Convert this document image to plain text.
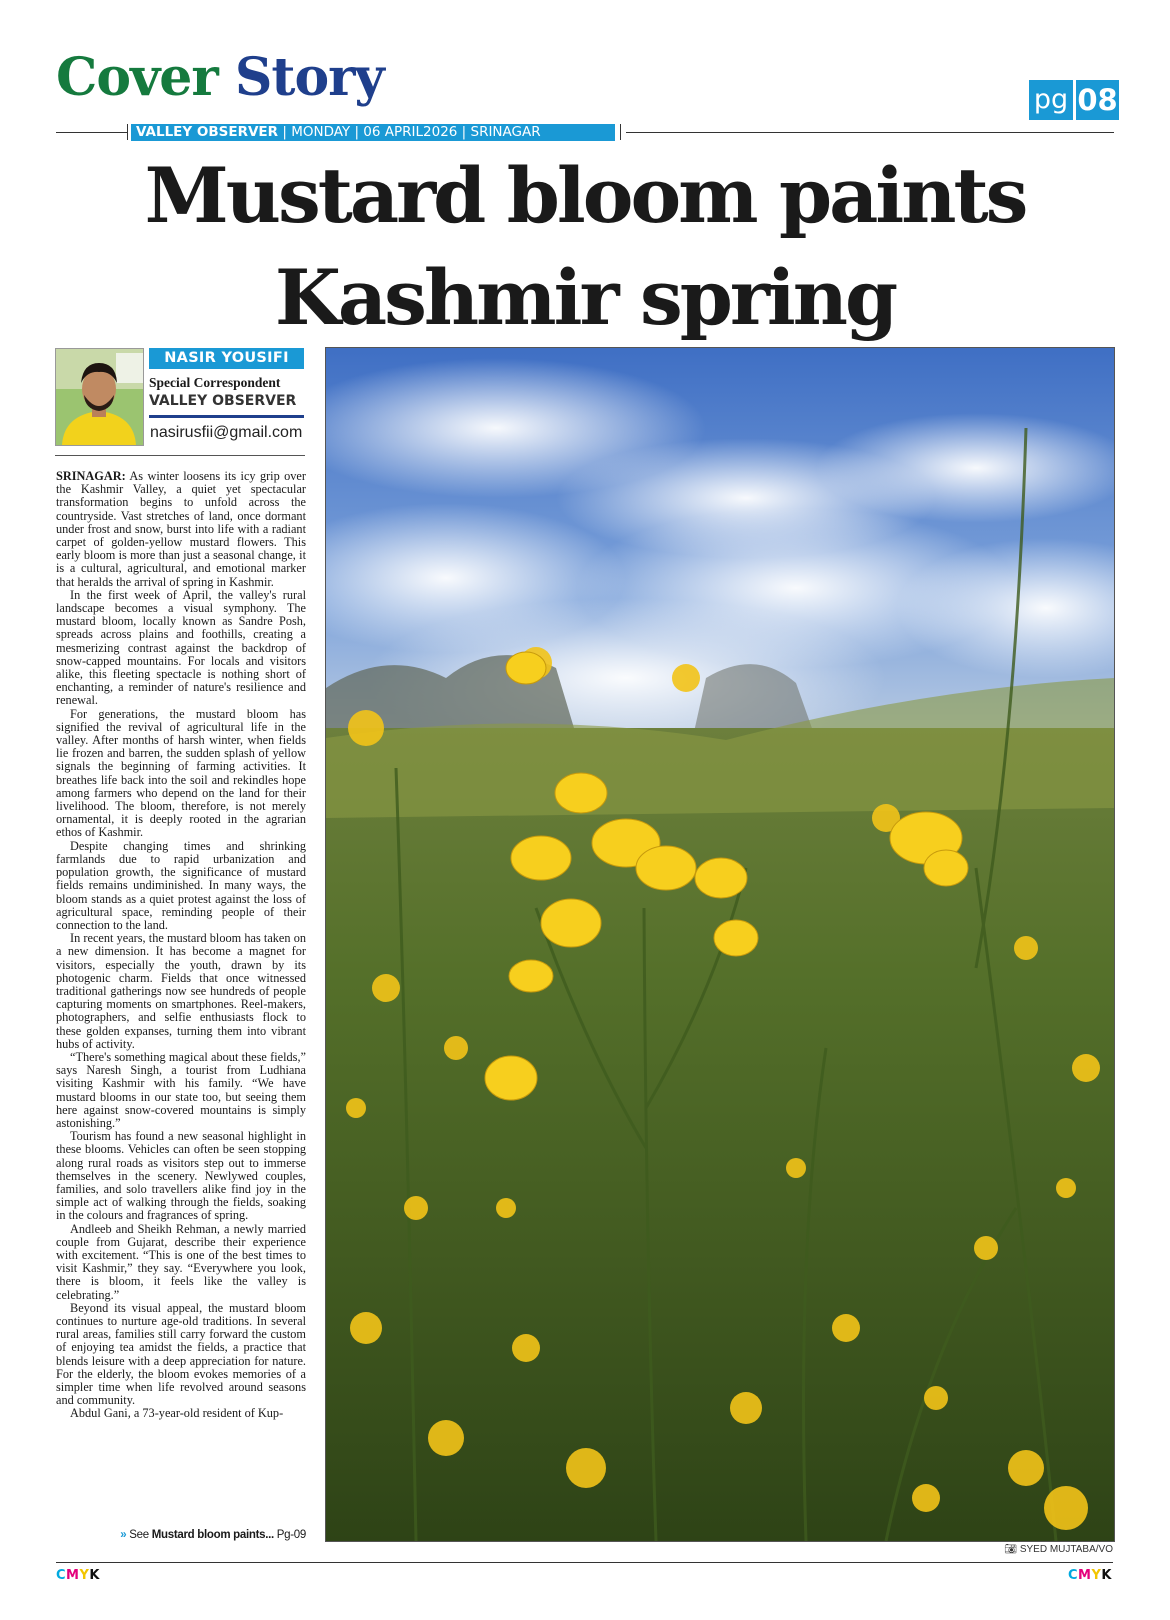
Cover Story	pg 08
VALLEY OBSERVER | MONDAY | 06 APRIL2026 | SRINAGAR
Mustard bloom paints
Kashmir spring
NASIR YOUSIFI
Special Correspondent
VALLEY OBSERVER
nasirusfii@gmail.com

SRINAGAR: As winter loosens its icy grip over the Kashmir Valley, a quiet yet spectacular transformation begins to unfold across the countryside. Vast stretches of land, once dormant under frost and snow, burst into life with a radiant carpet of golden-yellow mustard flowers. This early bloom is more than just a seasonal change, it is a cultural, agricultural, and emotional marker that heralds the arrival of spring in Kashmir.

In the first week of April, the valley's rural landscape becomes a visual symphony. The mustard bloom, locally known as Sandre Posh, spreads across plains and foothills, creating a mesmerizing contrast against the backdrop of snow-capped mountains. For locals and visitors alike, this fleeting spectacle is nothing short of enchanting, a reminder of nature's resilience and renewal.

For generations, the mustard bloom has signified the revival of agricultural life in the valley. After months of harsh winter, when fields lie frozen and barren, the sudden splash of yellow signals the beginning of farming activities. It breathes life back into the soil and rekindles hope among farmers who depend on the land for their livelihood. The bloom, therefore, is not merely ornamental, it is deeply rooted in the agrarian ethos of Kashmir.

Despite changing times and shrinking farmlands due to rapid urbanization and population growth, the significance of mustard fields remains undiminished. In many ways, the bloom stands as a quiet protest against the loss of agricultural space, reminding people of their connection to the land.

In recent years, the mustard bloom has taken on a new dimension. It has become a magnet for visitors, especially the youth, drawn by its photogenic charm. Fields that once witnessed traditional gatherings now see hundreds of people capturing moments on smartphones. Reel-makers, photographers, and selfie enthusiasts flock to these golden expanses, turning them into vibrant hubs of activity.

“There's something magical about these fields,” says Naresh Singh, a tourist from Ludhiana visiting Kashmir with his family. “We have mustard blooms in our state too, but seeing them here against snow-covered mountains is simply astonishing.”

Tourism has found a new seasonal highlight in these blooms. Vehicles can often be seen stopping along rural roads as visitors step out to immerse themselves in the scenery. Newlywed couples, families, and solo travellers alike find joy in the simple act of walking through the fields, soaking in the colours and fragrances of spring.

Andleeb and Sheikh Rehman, a newly married couple from Gujarat, describe their experience with excitement. “This is one of the best times to visit Kashmir,” they say. “Everywhere you look, there is bloom, it feels like the valley is celebrating.”

Beyond its visual appeal, the mustard bloom continues to nurture age-old traditions. In several rural areas, families still carry forward the custom of enjoying tea amidst the fields, a practice that blends leisure with a deep appreciation for nature. For the elderly, the bloom evokes memories of a simpler time when life revolved around seasons and community.

Abdul Gani, a 73-year-old resident of Kup-

» See Mustard bloom paints... Pg-09
📷︎ SYED MUJTABA/VO
CMYK	CMYK
